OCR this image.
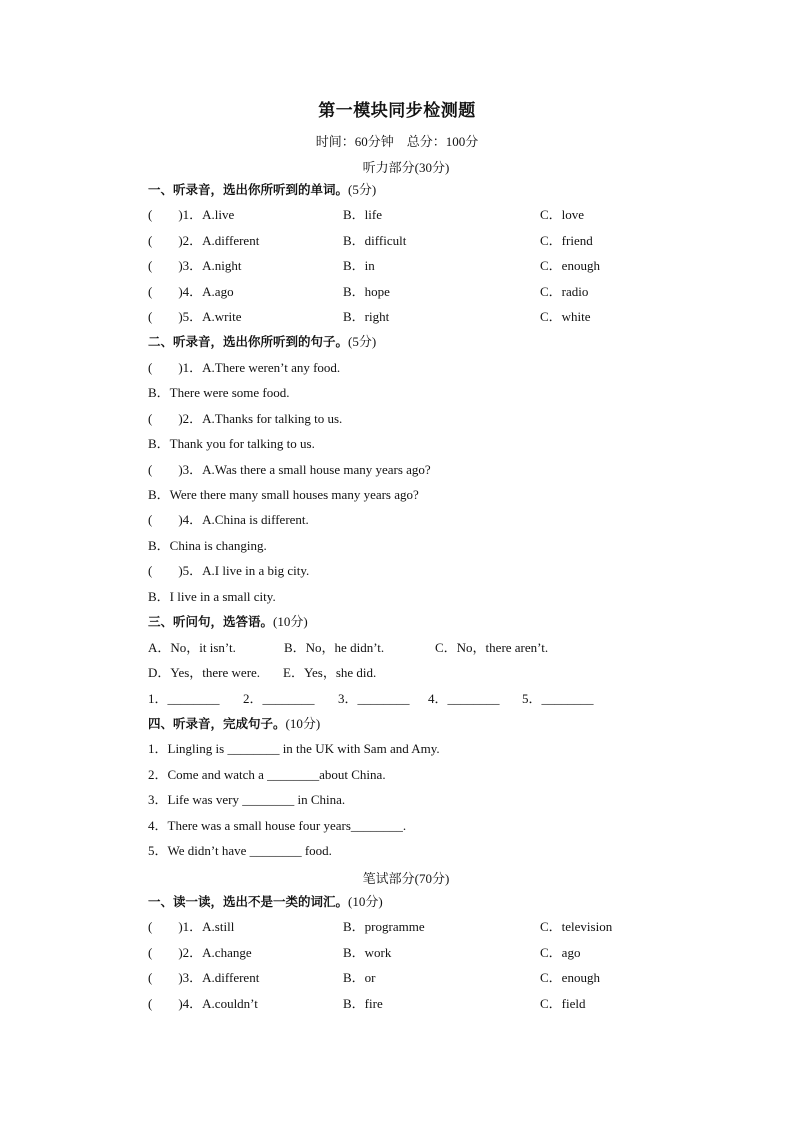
第一模块同步检测题
时间：60分钟　总分：100分
听力部分(30分)
一、听录音，选出你所听到的单词。(5分)
(　　)1．A.live	B．life	C．love
(　　)2．A.different	B．difficult	C．friend
(　　)3．A.night	B．in	C．enough
(　　)4．A.ago	B．hope	C．radio
(　　)5．A.write	B．right	C．white
二、听录音，选出你所听到的句子。(5分)
(　　)1．A.There weren’t any food.
B．There were some food.
(　　)2．A.Thanks for talking to us.
B．Thank you for talking to us.
(　　)3．A.Was there a small house many years ago?
B．Were there many small houses many years ago?
(　　)4．A.China is different.
B．China is changing.
(　　)5．A.I live in a big city.
B．I live in a small city.
三、听问句，选答语。(10分)
A．No，it isn’t.	B．No，he didn’t.	C．No，there aren’t.
D．Yes，there were. E．Yes，she did.
1．________ 2．________ 3．________ 4．________ 5．________
四、听录音，完成句子。(10分)
1．Lingling is ________ in the UK with Sam and Amy.
2．Come and watch a ________about China.
3．Life was very ________ in China.
4．There was a small house four years________.
5．We didn’t have ________ food.
笔试部分(70分)
一、读一读，选出不是一类的词汇。(10分)
(　　)1．A.still	B．programme	C．television
(　　)2．A.change	B．work	C．ago
(　　)3．A.different	B．or	C．enough
(　　)4．A.couldn’t	B．fire	C．field
